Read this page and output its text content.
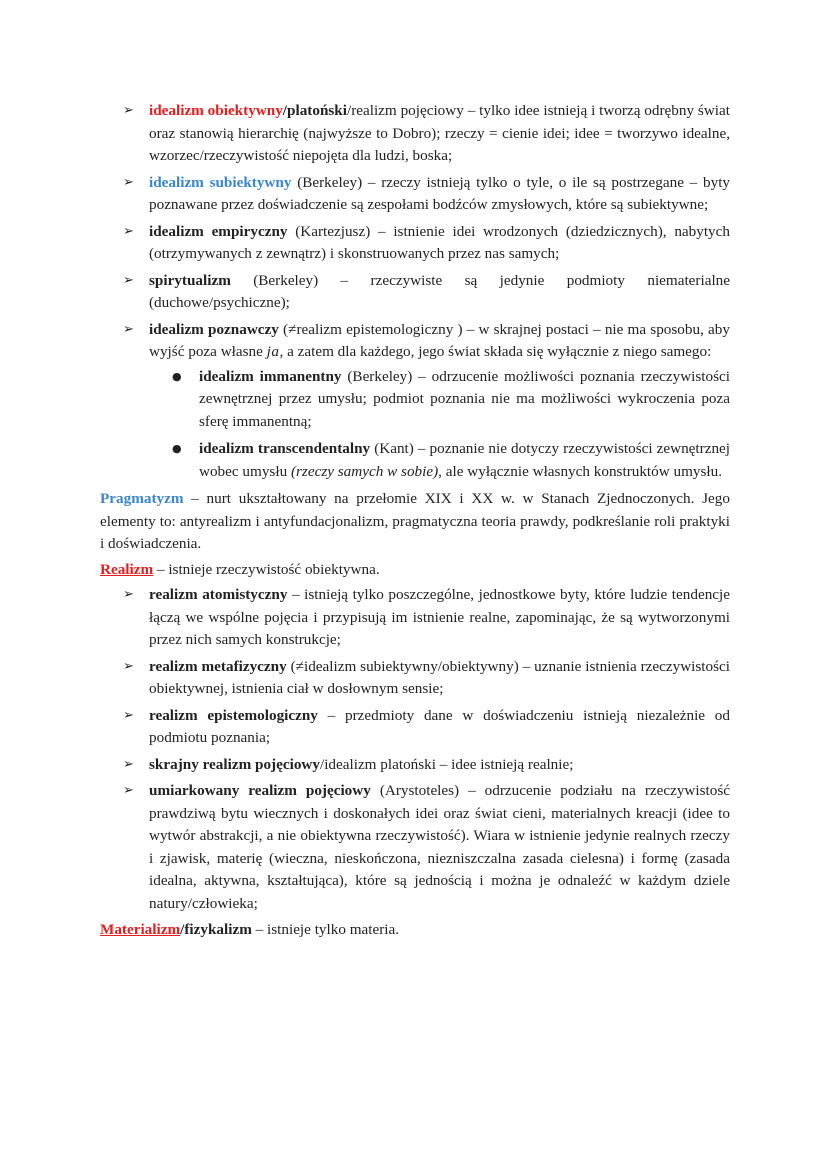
➢ idealizm obiektywny/platoński/realizm pojęciowy – tylko idee istnieją i tworzą odrębny świat oraz stanowią hierarchię (najwyższe to Dobro); rzeczy = cienie idei; idee = tworzywo idealne, wzorzec/rzeczywistość niepojęta dla ludzi, boska;
➢ idealizm subiektywny (Berkeley) – rzeczy istnieją tylko o tyle, o ile są postrzegane – byty poznawane przez doświadczenie są zespołami bodźców zmysłowych, które są subiektywne;
➢ idealizm empiryczny (Kartezjusz) – istnienie idei wrodzonych (dziedzicznych), nabytych (otrzymywanych z zewnątrz) i skonstruowanych przez nas samych;
➢ spirytualizm (Berkeley) – rzeczywiste są jedynie podmioty niematerialne (duchowe/psychiczne);
➢ idealizm poznawczy (≠realizm epistemologiczny ) – w skrajnej postaci – nie ma sposobu, aby wyjść poza własne ja, a zatem dla każdego, jego świat składa się wyłącznie z niego samego:
● idealizm immanentny (Berkeley) – odrzucenie możliwości poznania rzeczywistości zewnętrznej przez umysłu; podmiot poznania nie ma możliwości wykroczenia poza sferę immanentną;
● idealizm transcendentalny (Kant) – poznanie nie dotyczy rzeczywistości zewnętrznej wobec umysłu (rzeczy samych w sobie), ale wyłącznie własnych konstruktów umysłu.

Pragmatyzm – nurt ukształtowany na przełomie XIX i XX w. w Stanach Zjednoczonych. Jego elementy to: antyrealizm i antyfundacjonalizm, pragmatyczna teoria prawdy, podkreślanie roli praktyki i doświadczenia.

Realizm – istnieje rzeczywistość obiektywna.

➢ realizm atomistyczny – istnieją tylko poszczególne, jednostkowe byty, które ludzie tendencje łączą we wspólne pojęcia i przypisują im istnienie realne, zapominając, że są wytworzonymi przez nich samych konstrukcje;
➢ realizm metafizyczny (≠idealizm subiektywny/obiektywny) – uznanie istnienia rzeczywistości obiektywnej, istnienia ciał w dosłownym sensie;
➢ realizm epistemologiczny – przedmioty dane w doświadczeniu istnieją niezależnie od podmiotu poznania;
➢ skrajny realizm pojęciowy/idealizm platoński – idee istnieją realnie;
➢ umiarkowany realizm pojęciowy (Arystoteles) – odrzucenie podziału na rzeczywistość prawdziwą bytu wiecznych i doskonałych idei oraz świat cieni, materialnych kreacji (idee to wytwór abstrakcji, a nie obiektywna rzeczywistość). Wiara w istnienie jedynie realnych rzeczy i zjawisk, materię (wieczna, nieskończona, niezniszczalna zasada cielesna) i formę (zasada idealna, aktywna, kształtująca), które są jednością i można je odnaleźć w każdym dziele natury/człowieka;

Materializm/fizykalizm – istnieje tylko materia.
